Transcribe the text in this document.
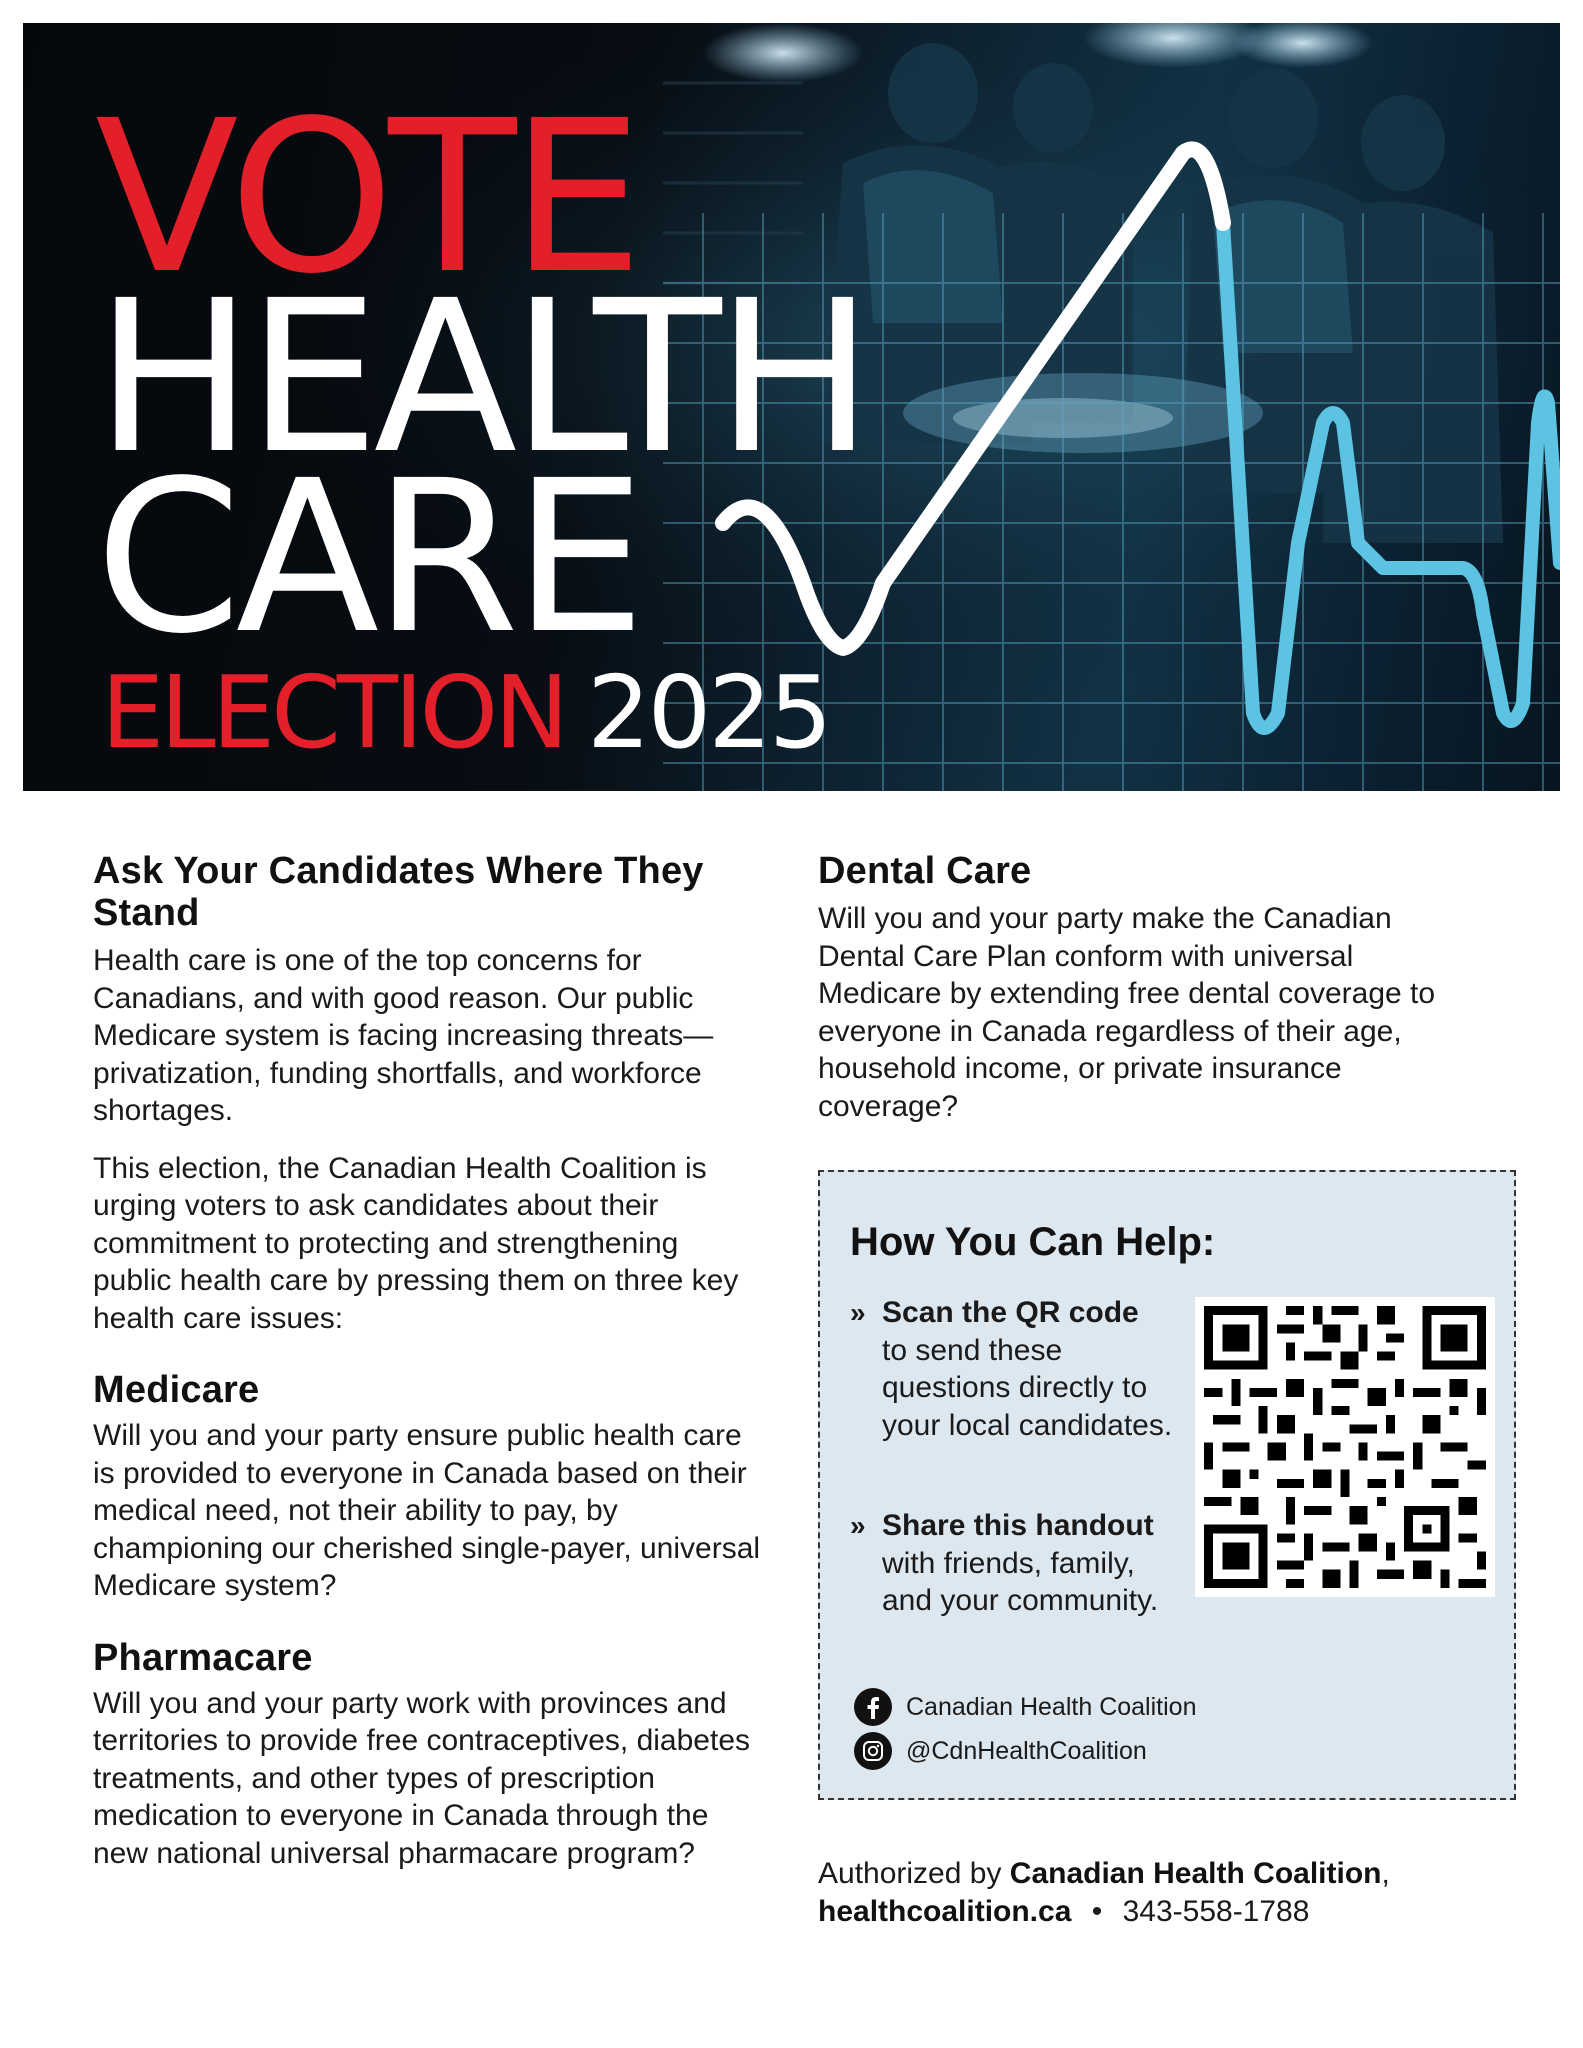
VOTE
HEALTH
CARE
ELECTION 2025
Ask Your Candidates Where They Stand

Health care is one of the top concerns for Canadians, and with good reason. Our public Medicare system is facing increasing threats—privatization, funding shortfalls, and workforce shortages.

This election, the Canadian Health Coalition is urging voters to ask candidates about their commitment to protecting and strengthening public health care by pressing them on three key health care issues:

Medicare

Will you and your party ensure public health care is provided to everyone in Canada based on their medical need, not their ability to pay, by championing our cherished single-payer, universal Medicare system?

Pharmacare

Will you and your party work with provinces and territories to provide free contraceptives, diabetes treatments, and other types of prescription medication to everyone in Canada through the new national universal pharmacare program?

Dental Care

Will you and your party make the Canadian Dental Care Plan conform with universal Medicare by extending free dental coverage to everyone in Canada regardless of their age, household income, or private insurance coverage?

How You Can Help:
» Scan the QR code
to send these questions directly to your local candidates.
» Share this handout
with friends, family, and your community.
Canadian Health Coalition
@CdnHealthCoalition
Authorized by Canadian Health Coalition,
healthcoalition.ca • 343-558-1788
